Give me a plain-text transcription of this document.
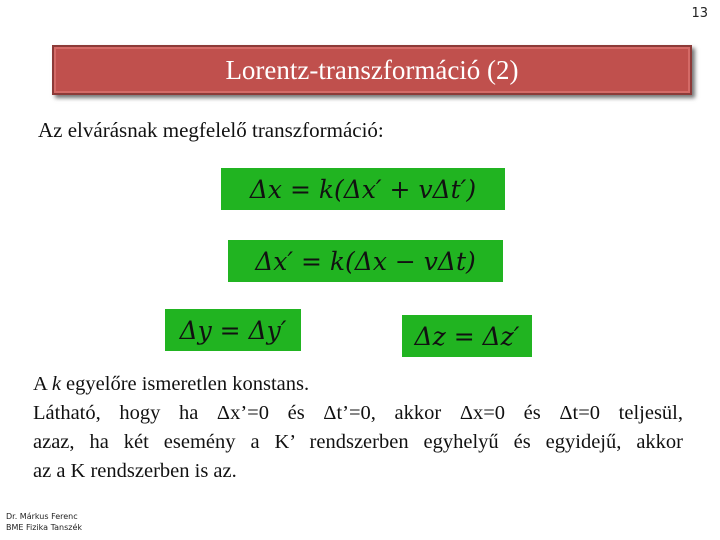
13
Lorentz-transzformáció (2)
Az elvárásnak megfelelő transzformáció:
Δx = k(Δx′ + vΔt′)
Δx′ = k(Δx − vΔt)
Δy = Δy′	Δz = Δz′

A k egyelőre ismeretlen konstans.

Látható, hogy ha Δx’=0 és Δt’=0, akkor Δx=0 és Δt=0 teljesül,

azaz, ha két esemény a K’ rendszerben egyhelyű és egyidejű, akkor

az a K rendszerben is az.

Dr. Márkus Ferenc
BME Fizika Tanszék
